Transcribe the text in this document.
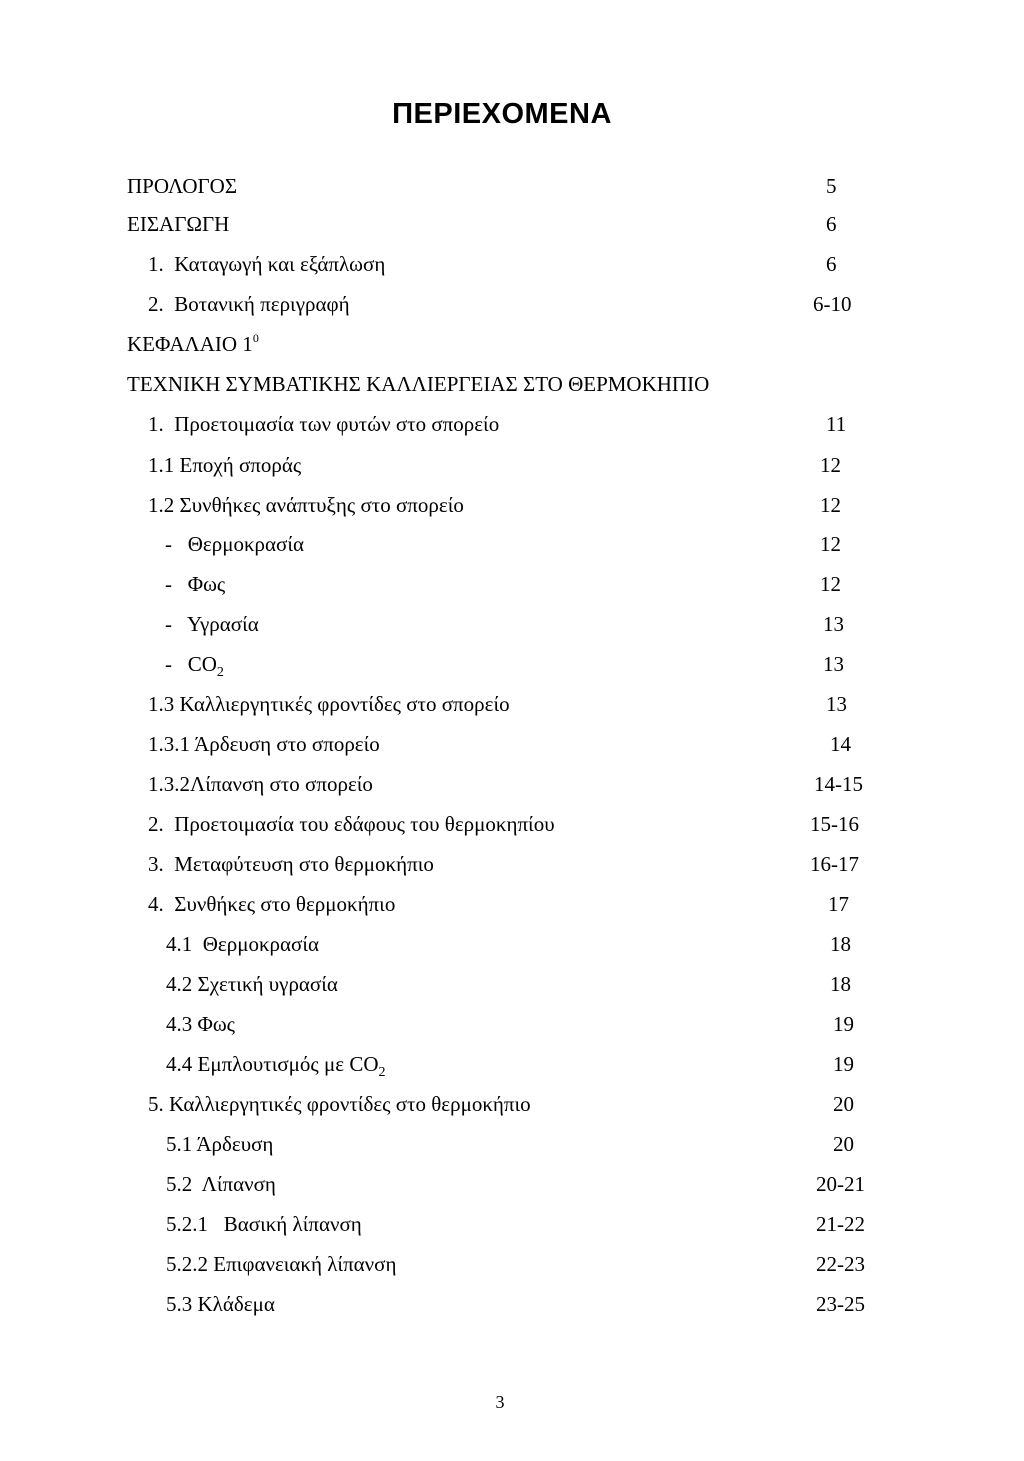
ΠΕΡΙΕΧΟΜΕΝΑ
ΠΡΟΛΟΓΟΣ	5
ΕΙΣΑΓΩΓΗ	6
1.  Καταγωγή και εξάπλωση	6
2.  Βοτανική περιγραφή	6-10
ΚΕΦΑΛΑΙΟ $1^0$
ΤΕΧΝΙΚΗ ΣΥΜΒΑΤΙΚΗΣ ΚΑΛΛΙΕΡΓΕΙΑΣ ΣΤΟ ΘΕΡΜΟΚΗΠΙΟ
1.  Προετοιμασία των φυτών στο σπορείο	11
1.1 Εποχή σποράς	12
1.2 Συνθήκες ανάπτυξης στο σπορείο	12
-   Θερμοκρασία	12
-   Φως	12
-   Υγρασία	13
-   $CO_2$	13
1.3 Καλλιεργητικές φροντίδες στο σπορείο	13
1.3.1 Άρδευση στο σπορείο	14
1.3.2Λίπανση στο σπορείο	14-15
2.  Προετοιμασία του εδάφους του θερμοκηπίου	15-16
3.  Μεταφύτευση στο θερμοκήπιο	16-17
4.  Συνθήκες στο θερμοκήπιο	17
4.1  Θερμοκρασία	18
4.2 Σχετική υγρασία	18
4.3 Φως	19
4.4 Εμπλουτισμός με $CO_2$	19
5. Καλλιεργητικές φροντίδες στο θερμοκήπιο	20
5.1 Άρδευση	20
5.2  Λίπανση	20-21
5.2.1   Βασική λίπανση	21-22
5.2.2 Επιφανειακή λίπανση	22-23
5.3 Κλάδεμα	23-25
3
